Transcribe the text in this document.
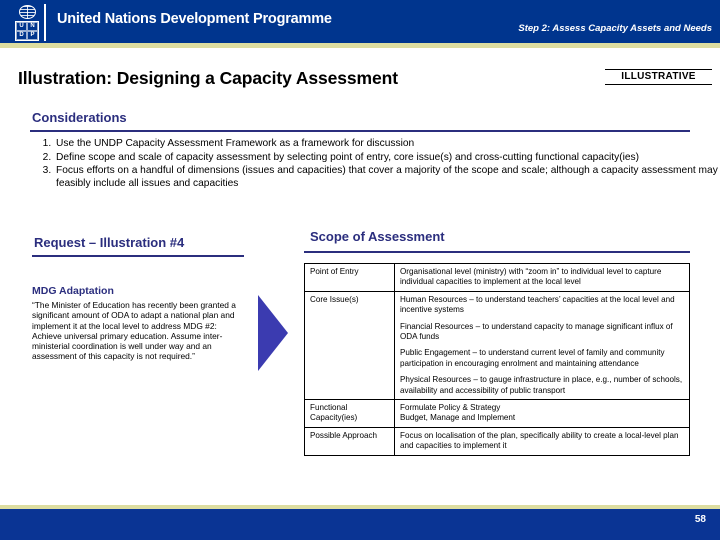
U	N
D	P
United Nations Development Programme
Step 2: Assess Capacity Assets and Needs
Illustration: Designing a Capacity Assessment	ILLUSTRATIVE
Considerations
1. Use the UNDP Capacity Assessment Framework as a framework for discussion
2. Define scope and scale of capacity assessment by selecting point of entry, core issue(s) and cross-cutting functional capacity(ies)
3. Focus efforts on a handful of dimensions (issues and capacities) that cover a majority of the scope and scale; although a capacity assessment may feasibly include all issues and capacities
Request – Illustration #4
MDG Adaptation
“The Minister of Education has recently been granted a significant amount of ODA to adapt a national plan and implement it at the local level to address MDG #2: Achieve universal primary education. Assume inter-ministerial coordination is well under way and an assessment of this capacity is not required.”
Scope of Assessment
Point of Entry	Organisational level (ministry) with “zoom in” to individual level to capture individual capacities to implement at the local level

Core Issue(s)	Human Resources – to understand teachers’ capacities at the local level and incentive systems

Financial Resources – to understand capacity to manage significant influx of ODA funds

Public Engagement – to understand current level of family and community participation in encouraging enrolment and maintaining attendance

Physical Resources – to gauge infrastructure in place, e.g., number of schools, availability and accessibility of public transport

Functional Capacity(ies)	Formulate Policy & Strategy

Budget, Manage and Implement

Possible Approach	Focus on localisation of the plan, specifically ability to create a local-level plan and capacities to implement it

58
